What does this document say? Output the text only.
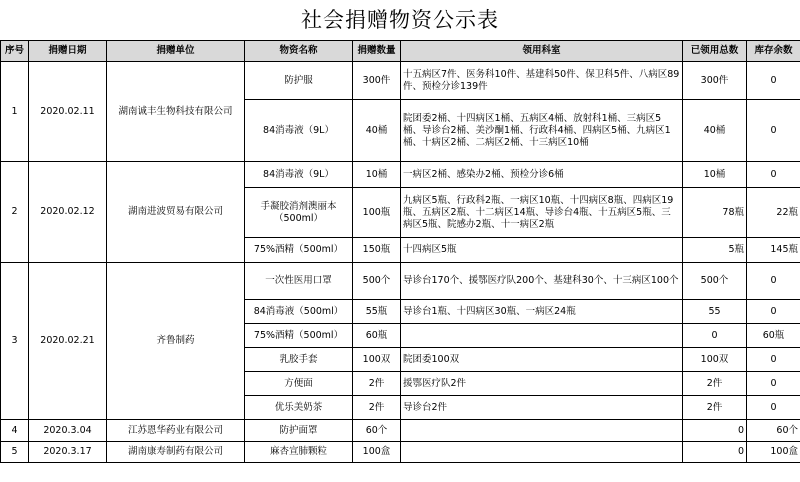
社会捐赠物资公示表
序号	捐赠日期	捐赠单位	物资名称	捐赠数量	领用科室	已领用总数	库存余数
1	2020.02.11	湖南诚丰生物科技有限公司	防护服	300件	十五病区7件、医务科10件、基建科50件、保卫科5件、八病区89件、预检分诊139件	300件	0
			84消毒液（9L）	40桶	院团委2桶、十四病区1桶、五病区4桶、放射科1桶、三病区5桶、导诊台2桶、美沙酮1桶、行政科4桶、四病区5桶、九病区1桶、十病区2桶、二病区2桶、十三病区10桶	40桶	0
2	2020.02.12	湖南进波贸易有限公司	84消毒液（9L）	10桶	一病区2桶、感染办2桶、预检分诊6桶	10桶	0
			手凝胶消剂澳丽本（500ml）	100瓶	九病区5瓶、行政科2瓶、一病区10瓶、十四病区8瓶、四病区19瓶、五病区2瓶、十二病区14瓶、导诊台4瓶、十五病区5瓶、三病区5瓶、院感办2瓶、十一病区2瓶	78瓶	22瓶
			75%酒精（500ml）	150瓶	十四病区5瓶	5瓶	145瓶
3	2020.02.21	齐鲁制药	一次性医用口罩	500个	导诊台170个、援鄂医疗队200个、基建科30个、十三病区100个	500个	0
			84消毒液（500ml）	55瓶	导诊台1瓶、十四病区30瓶、一病区24瓶	55	0
			75%酒精（500ml）	60瓶		0	60瓶
			乳胶手套	100双	院团委100双	100双	0
			方便面	2件	援鄂医疗队2件	2件	0
			优乐美奶茶	2件	导诊台2件	2件	0
4	2020.3.04	江苏恩华药业有限公司	防护面罩	60个		0	60个
5	2020.3.17	湖南康寿制药有限公司	麻杏宣肺颗粒	100盒		0	100盒
